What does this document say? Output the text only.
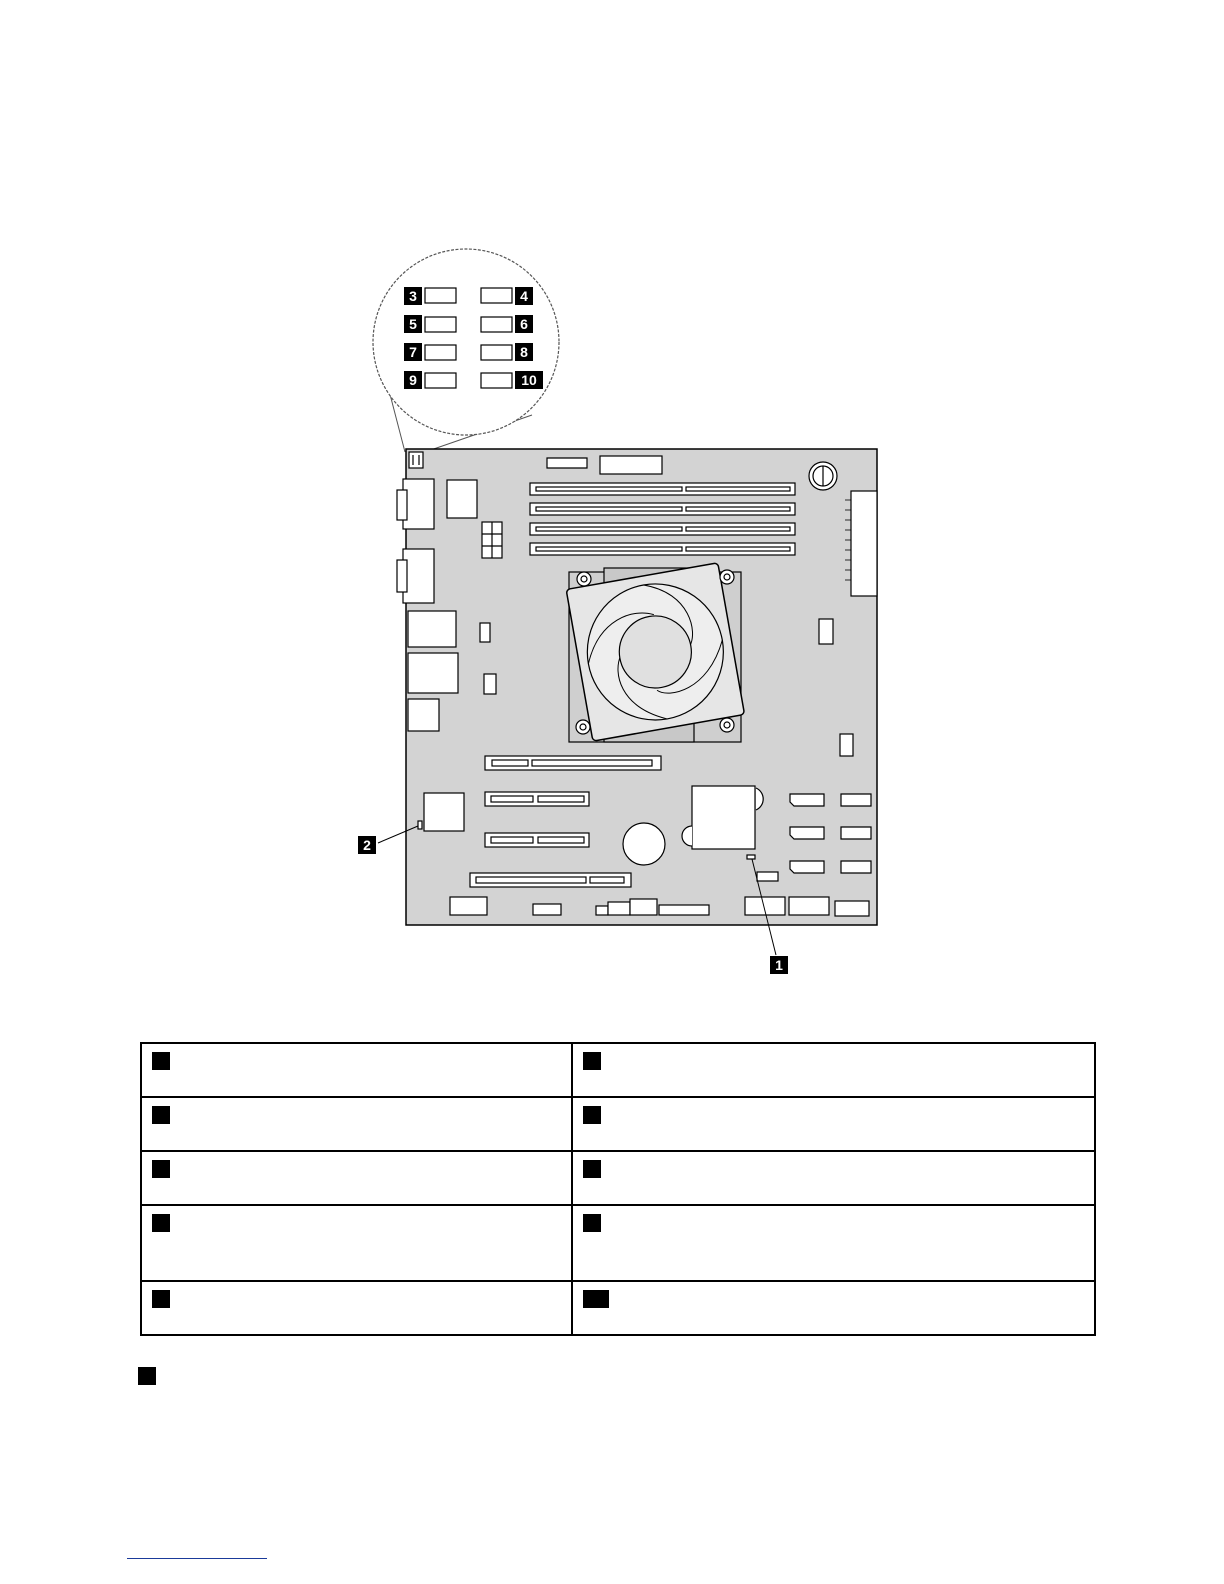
3	4
5	6
7	8
9	10
2
1
